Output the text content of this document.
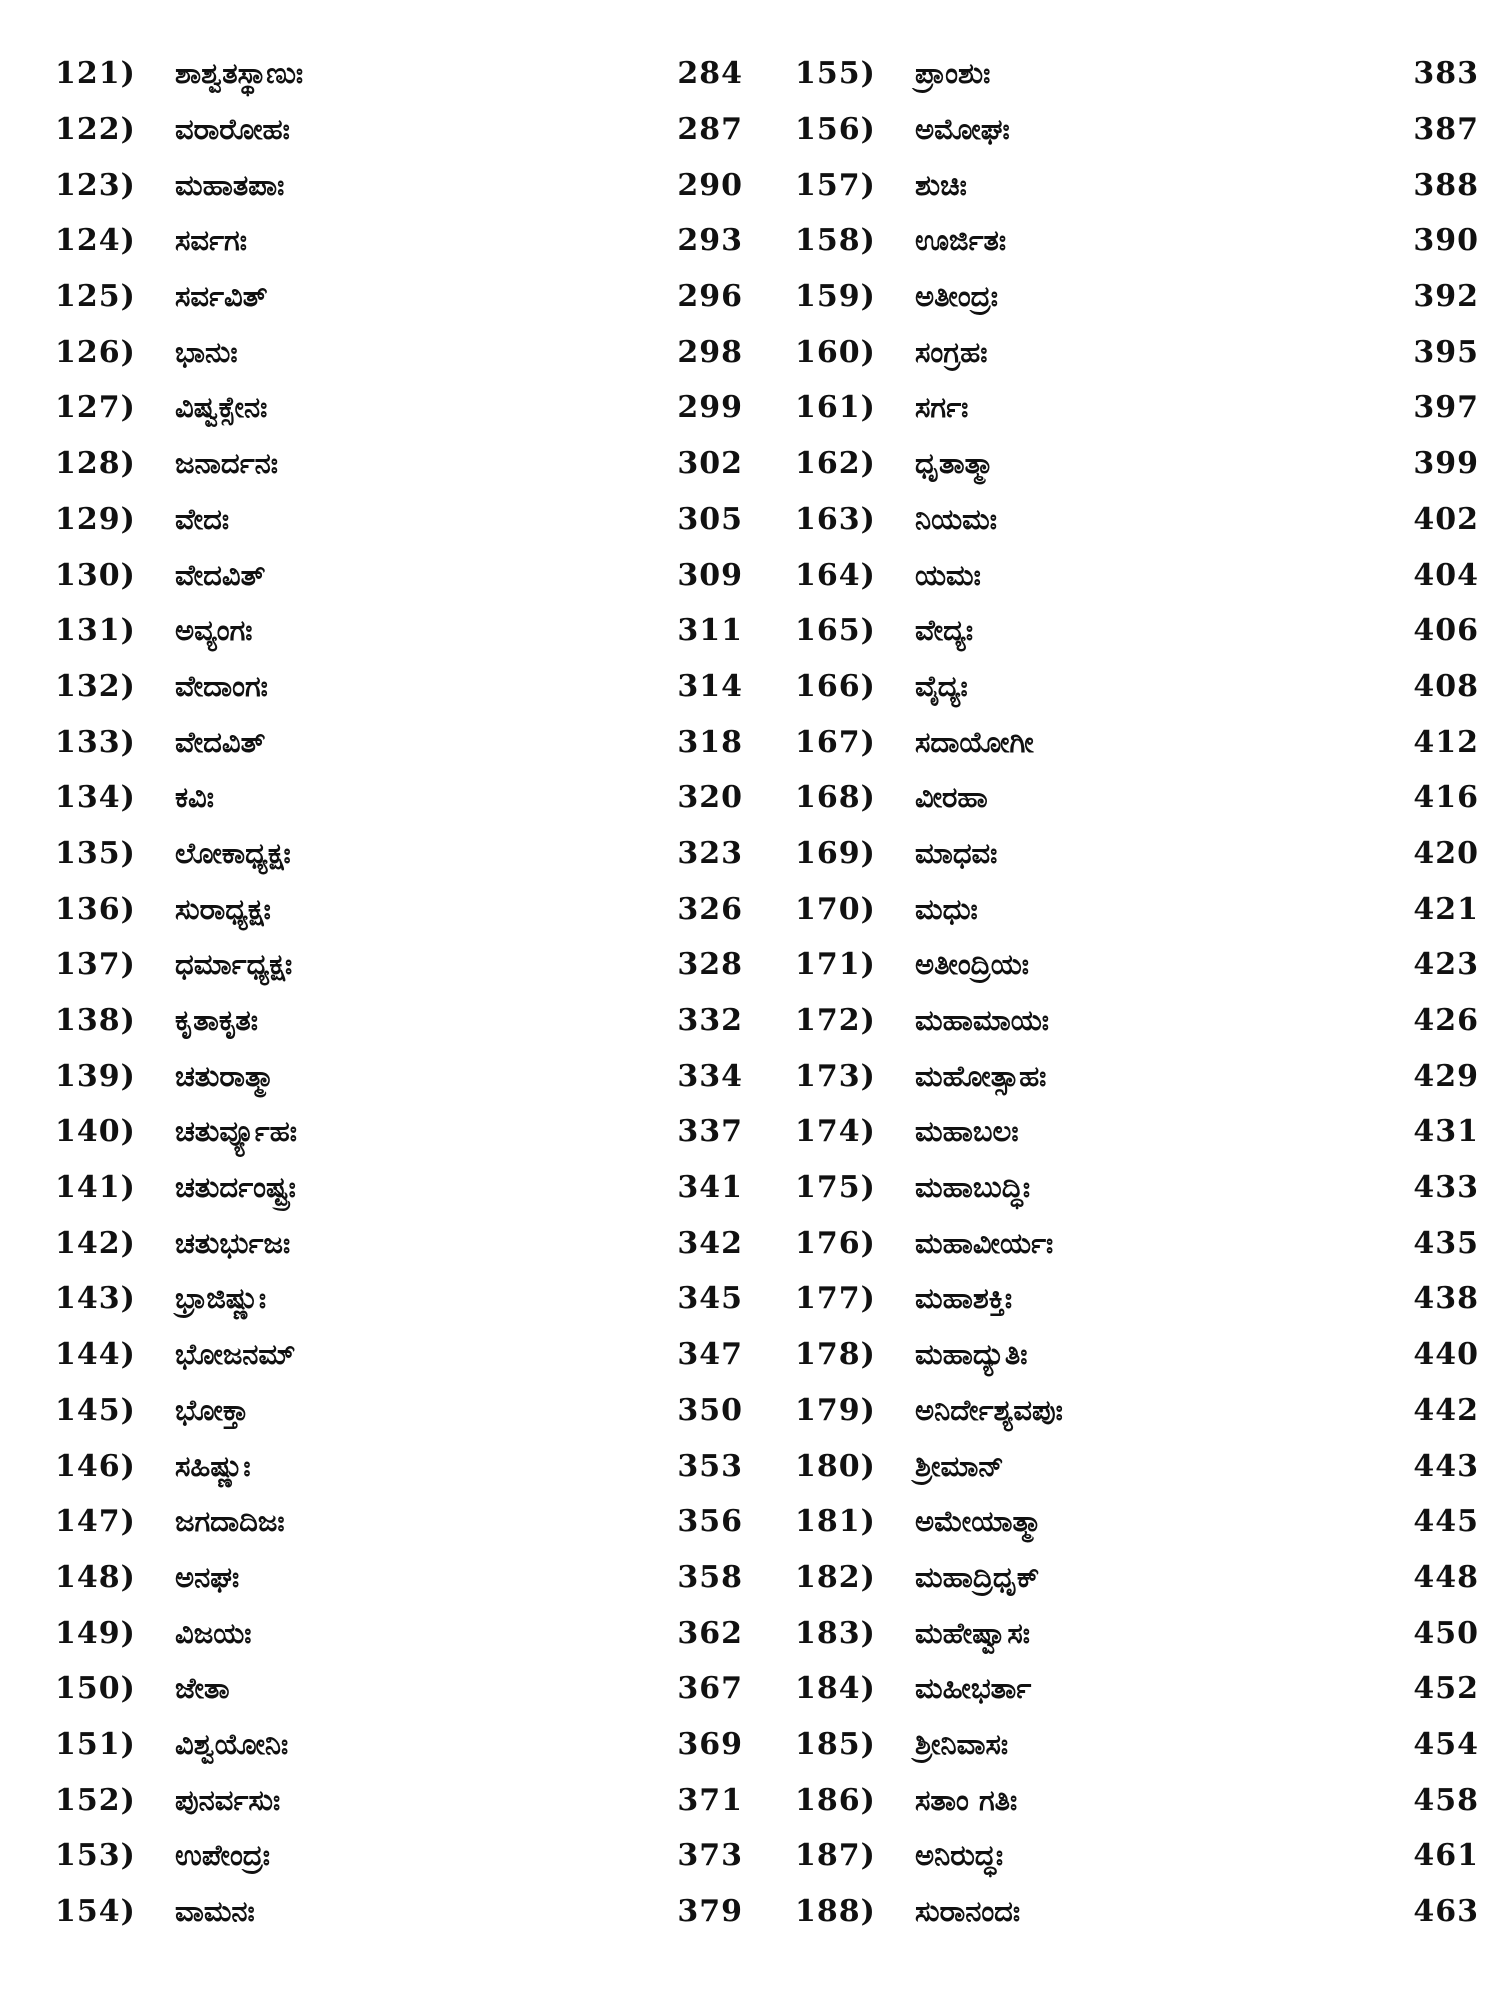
121)	ಶಾಶ್ವತಸ್ಥಾಣುಃ	284
122)	ವರಾರೋಹಃ	287
123)	ಮಹಾತಪಾಃ	290
124)	ಸರ್ವಗಃ	293
125)	ಸರ್ವವಿತ್	296
126)	ಭಾನುಃ	298
127)	ವಿಷ್ವಕ್ಸೇನಃ	299
128)	ಜನಾರ್ದನಃ	302
129)	ವೇದಃ	305
130)	ವೇದವಿತ್	309
131)	ಅವ್ಯಂಗಃ	311
132)	ವೇದಾಂಗಃ	314
133)	ವೇದವಿತ್	318
134)	ಕವಿಃ	320
135)	ಲೋಕಾಧ್ಯಕ್ಷಃ	323
136)	ಸುರಾಧ್ಯಕ್ಷಃ	326
137)	ಧರ್ಮಾಧ್ಯಕ್ಷಃ	328
138)	ಕೃತಾಕೃತಃ	332
139)	ಚತುರಾತ್ಮಾ	334
140)	ಚತುರ್ವ್ಯೂಹಃ	337
141)	ಚತುರ್ದಂಷ್ಟ್ರಃ	341
142)	ಚತುರ್ಭುಜಃ	342
143)	ಭ್ರಾಜಿಷ್ಣುಃ	345
144)	ಭೋಜನಮ್	347
145)	ಭೋಕ್ತಾ	350
146)	ಸಹಿಷ್ಣುಃ	353
147)	ಜಗದಾದಿಜಃ	356
148)	ಅನಘಃ	358
149)	ವಿಜಯಃ	362
150)	ಜೇತಾ	367
151)	ವಿಶ್ವಯೋನಿಃ	369
152)	ಪುನರ್ವಸುಃ	371
153)	ಉಪೇಂದ್ರಃ	373
154)	ವಾಮನಃ	379
155)	ಪ್ರಾಂಶುಃ	383
156)	ಅಮೋಘಃ	387
157)	ಶುಚಿಃ	388
158)	ಊರ್ಜಿತಃ	390
159)	ಅತೀಂದ್ರಃ	392
160)	ಸಂಗ್ರಹಃ	395
161)	ಸರ್ಗಃ	397
162)	ಧೃತಾತ್ಮಾ	399
163)	ನಿಯಮಃ	402
164)	ಯಮಃ	404
165)	ವೇದ್ಯಃ	406
166)	ವೈದ್ಯಃ	408
167)	ಸದಾಯೋಗೀ	412
168)	ವೀರಹಾ	416
169)	ಮಾಧವಃ	420
170)	ಮಧುಃ	421
171)	ಅತೀಂದ್ರಿಯಃ	423
172)	ಮಹಾಮಾಯಃ	426
173)	ಮಹೋತ್ಸಾಹಃ	429
174)	ಮಹಾಬಲಃ	431
175)	ಮಹಾಬುದ್ಧಿಃ	433
176)	ಮಹಾವೀರ್ಯಃ	435
177)	ಮಹಾಶಕ್ತಿಃ	438
178)	ಮಹಾದ್ಯುತಿಃ	440
179)	ಅನಿರ್ದೇಶ್ಯವಪುಃ	442
180)	ಶ್ರೀಮಾನ್	443
181)	ಅಮೇಯಾತ್ಮಾ	445
182)	ಮಹಾದ್ರಿಧೃಕ್	448
183)	ಮಹೇಷ್ವಾಸಃ	450
184)	ಮಹೀಭರ್ತಾ	452
185)	ಶ್ರೀನಿವಾಸಃ	454
186)	ಸತಾಂ ಗತಿಃ	458
187)	ಅನಿರುದ್ಧಃ	461
188)	ಸುರಾನಂದಃ	463
